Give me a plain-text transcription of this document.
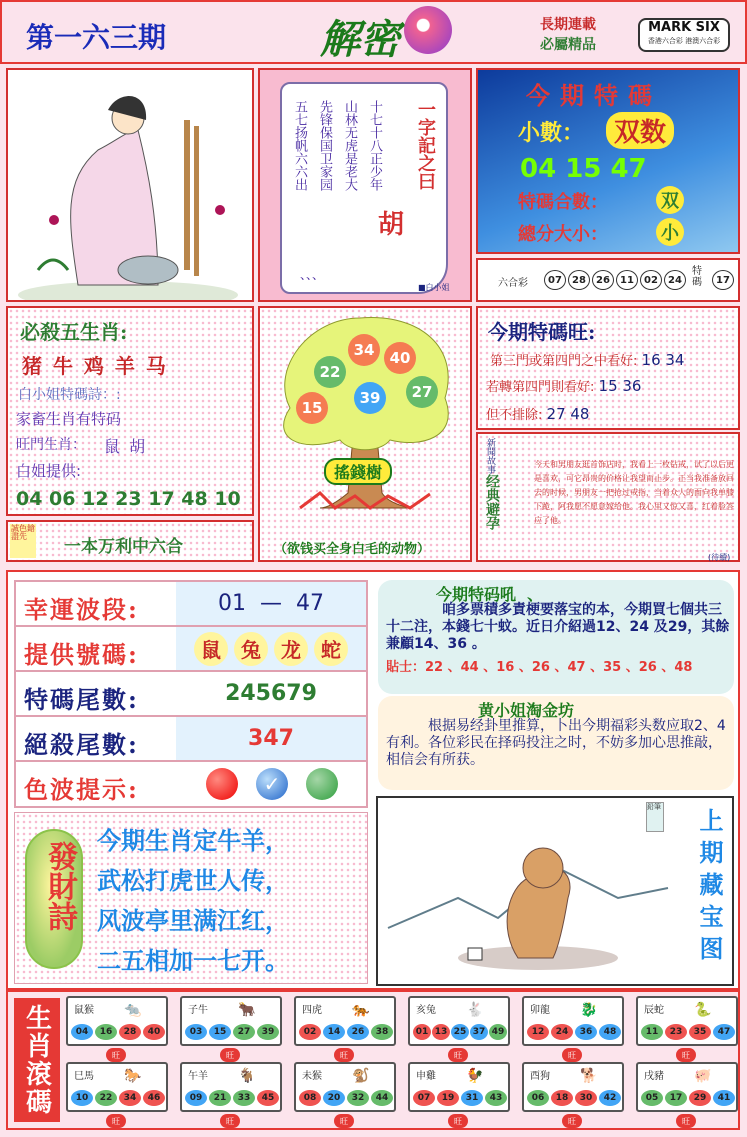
第一六三期	解密	長期連載
必屬精品
MARK SIX
香港六合彩 港澳六合彩
一字記之曰
胡
十七十八正少年
山林无虎是老大
先锋保国卫家园
五七扬帆六六出
、、、
■白小姐
今期特碼
小數：	双数
04 15 47
特碼合數：	双
總分大小：	小
六合彩	07	28	26	11	02	24
特碼	17
必殺五生肖:
猪 牛 鸡 羊 马
白小姐特碼詩：:
家畜生肖有特码
旺門生肖： 鼠 胡
白姐提供:
04 06 12 23 17 48 10
誠色鎗盡先
一本万利中六合
34	40
22
27
15
39
搖錢樹
（欲钱买全身白毛的动物）
今期特碼旺:
第三門或第四門之中看好: 16 34
若轉第四門則看好: 15 36
但不排除: 27 48
新聞故事
经典避孕
今天和男朋友逛首饰店时，我看上一枚钻戒，试了以后更是喜欢，可它昂贵的价格让我望而止步。正当我准备放回去的时候，男朋友一把抢过戒指，当着众人的面向我单膝下跪，阿我愿不愿意嫁给他。我心里又惊又喜，红着脸答应了他。
(待續)
幸運波段:	01  —  47
提供號碼:	鼠	兔	龙	蛇
特碼尾數:	245679
絕殺尾數:	347
色波提示:	✓
今期特码吼  、
咱多票積多責梗要落宝的本，今期買七個共三十二注，本錢七十蚊。近日介紹過12、24 及29，其餘兼顧14、36 。
貼士：22 、44 、16 、26 、47 、35 、26 、48
黄小姐淘金坊
根据易经卦里推算，卜出今期福彩头数应取2、4有利。各位彩民在择码投注之时，不妨多加心思推敲，相信会有所获。
發財詩
今期生肖定牛羊，
武松打虎世人传，
风波亭里满江红，
二五相加一七开。
鉛筆
上期藏宝图
生肖滾碼	鼠猴 🐀
04	16	28	40
子牛 🐂
03	15	27	39
四虎 🐅
02	14	26	38
亥兔 🐇
01 13 25 37 49
卯龍 🐉
12	24	36	48
辰蛇 🐍
11	23	35	47
旺	旺	旺	旺	旺	旺
巳馬 🐎
10	22	34	46
午羊 🐐
09	21	33	45
未猴 🐒
08	20	32	44
申雞 🐓
07	19	31	43
酉狗 🐕
06	18	30	42
戌豬 🐖
05	17	29	41
旺	旺	旺	旺	旺	旺
